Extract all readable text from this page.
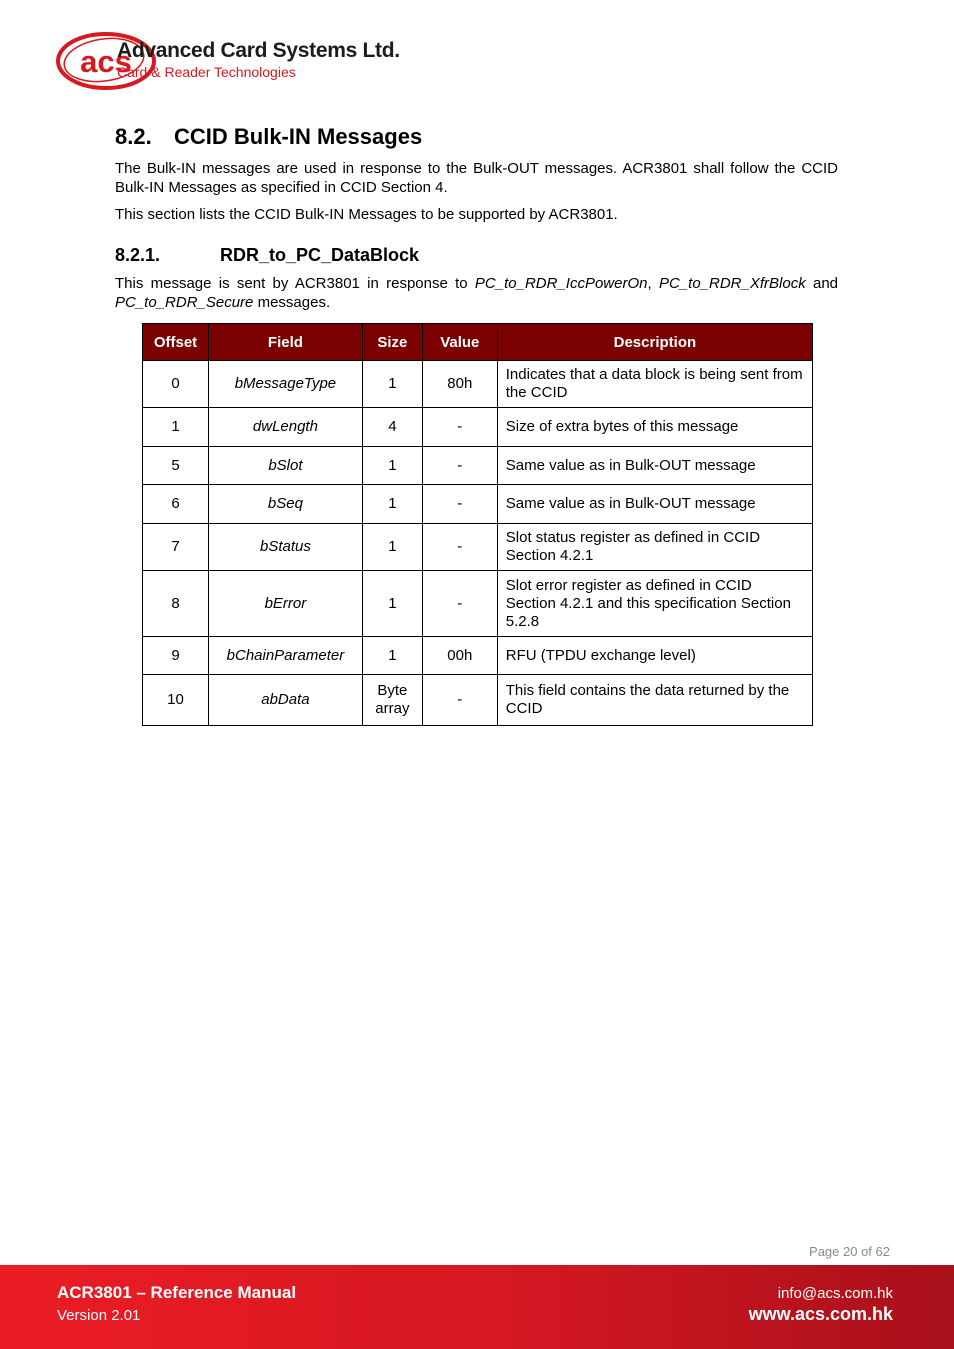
acs
Advanced Card Systems Ltd.
Card & Reader Technologies
8.2. CCID Bulk-IN Messages

The Bulk-IN messages are used in response to the Bulk-OUT messages. ACR3801 shall follow the CCID Bulk-IN Messages as specified in CCID Section 4.

This section lists the CCID Bulk-IN Messages to be supported by ACR3801.

8.2.1.	RDR_to_PC_DataBlock

This message is sent by ACR3801 in response to PC_to_RDR_IccPowerOn, PC_to_RDR_XfrBlock and PC_to_RDR_Secure messages.

Offset	Field	Size	Value	Description
0	bMessageType	1	80h	Indicates that a data block is being sent from the CCID
1	dwLength	4	-	Size of extra bytes of this message
5	bSlot	1	-	Same value as in Bulk-OUT message
6	bSeq	1	-	Same value as in Bulk-OUT message
7	bStatus	1	-	Slot status register as defined in CCID Section 4.2.1
8	bError	1	-	Slot error register as defined in CCID Section 4.2.1 and this specification Section 5.2.8
9	bChainParameter	1	00h	RFU (TPDU exchange level)
10	abData	Byte array	-	This field contains the data returned by the CCID
Page 20 of 62
ACR3801 – Reference Manual
Version 2.01
info@acs.com.hk
www.acs.com.hk
